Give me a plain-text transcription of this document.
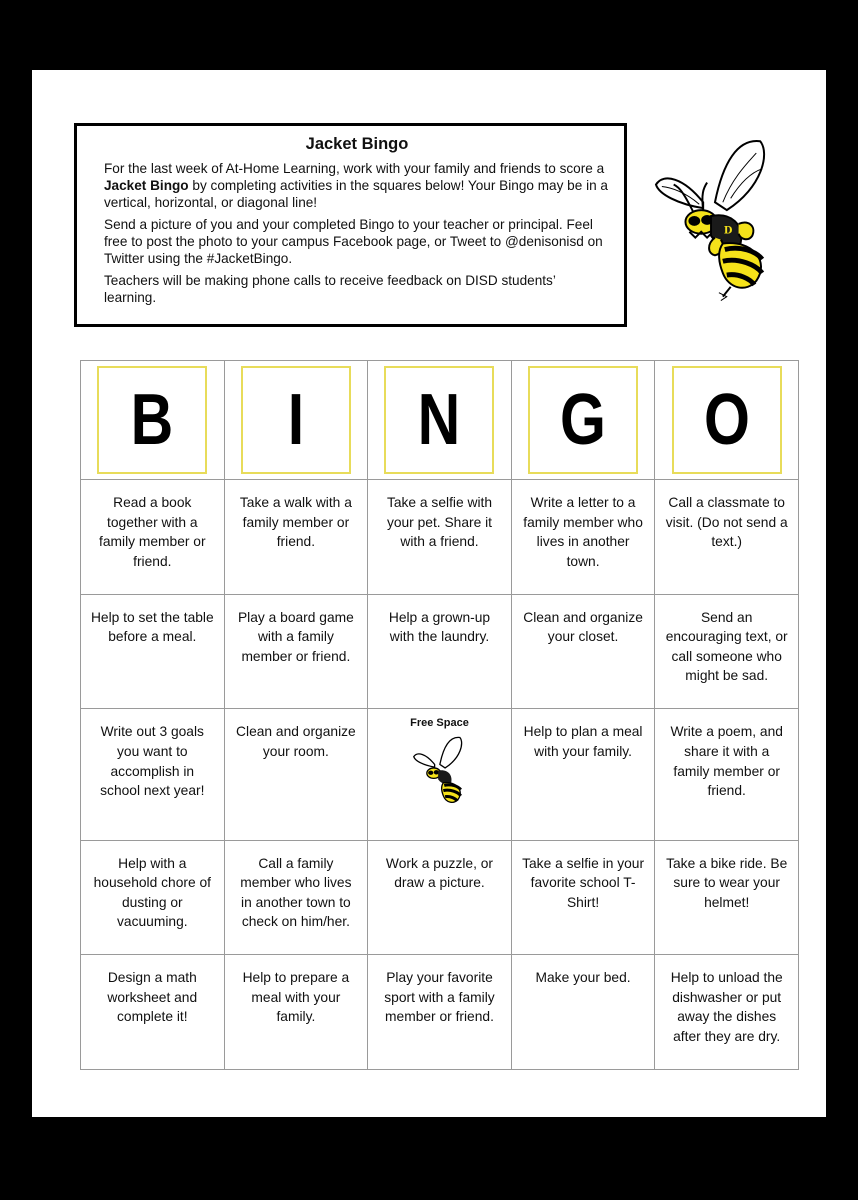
Jacket Bingo

For the last week of At-Home Learning, work with your family and friends to score a Jacket Bingo by completing activities in the squares below! Your Bingo may be in a vertical, horizontal, or diagonal line!

Send a picture of you and your completed Bingo to your teacher or principal. Feel free to post the photo to your campus Facebook page, or Tweet to @denisonisd on Twitter using the #JacketBingo.

Teachers will be making phone calls to receive feedback on DISD students’ learning.

D
B	I	N	G	O

Read a book together with a family member or friend.	Take a walk with a family member or friend.	Take a selfie with your pet. Share it with a friend.	Write a letter to a family member who lives in another town.	Call a classmate to visit. (Do not send a text.)
Help to set the table before a meal.	Play a board game with a family member or friend.	Help a grown-up with the laundry.	Clean and organize your closet.	Send an encouraging text, or call someone who might be sad.
Write out 3 goals you want to accomplish in school next year!	Clean and organize your room.	Free Space	Help to plan a meal with your family.	Write a poem, and share it with a family member or friend.
Help with a household chore of dusting or vacuuming.	Call a family member who lives in another town to check on him/her.	Work a puzzle, or draw a picture.	Take a selfie in your favorite school T-Shirt!	Take a bike ride. Be sure to wear your helmet!
Design a math worksheet and complete it!	Help to prepare a meal with your family.	Play your favorite sport with a family member or friend.	Make your bed.	Help to unload the dishwasher or put away the dishes after they are dry.
